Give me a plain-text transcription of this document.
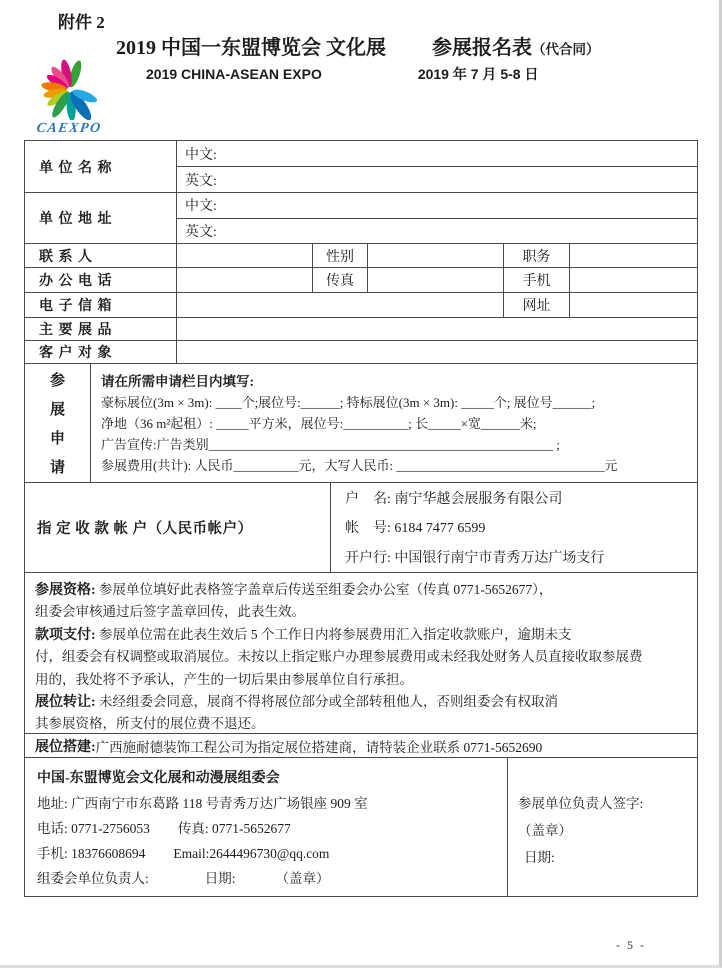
附件 2
CAEXPO
2019 中国一东盟博览会 文化展 参展报名表（代合同）
2019 CHINA-ASEAN EXPO	2019 年 7 月 5-8 日
单 位 名 称
中文:
英文:
单 位 地 址
中文:
英文:
联 系 人	性别	职务
办 公 电 话	传真	手机
电 子 信 箱	网址
主 要 展 品
客 户 对 象
参
展
申
请
请在所需申请栏目内填写:
豪标展位(3m × 3m): ____个;展位号:______; 特标展位(3m × 3m): _____个; 展位号______;
净地（36 m²起租）: _____平方米，展位号:__________; 长_____×宽______米;
广告宣传:广告类别_____________________________________________________ ;
参展费用(共计): 人民币__________元，大写人民币: ________________________________元
指 定 收 款 帐 户（人民币帐户）
户　名: 南宁华越会展服务有限公司
帐　号: 6184 7477 6599
开户行: 中国银行南宁市青秀万达广场支行
参展资格: 参展单位填好此表格签字盖章后传送至组委会办公室（传真 0771-5652677），
组委会审核通过后签字盖章回传，此表生效。
款项支付: 参展单位需在此表生效后 5 个工作日内将参展费用汇入指定收款账户，逾期未支
付，组委会有权调整或取消展位。未按以上指定账户办理参展费用或未经我处财务人员直接收取参展费
用的，我处将不予承认，产生的一切后果由参展单位自行承担。
展位转让: 未经组委会同意，展商不得将展位部分或全部转租他人，否则组委会有权取消
其参展资格，所支付的展位费不退还。
展位搭建: 广西施耐德装饰工程公司为指定展位搭建商，请特装企业联系 0771-5652690
中国-东盟博览会文化展和动漫展组委会
地址: 广西南宁市东葛路 118 号青秀万达广场银座 909 室
电话: 0771-2756053 传真: 0771-5652677
手机: 18376608694 Email:2644496730@qq.com
组委会单位负责人:	日期:	（盖章）
参展单位负责人签字:
（盖章）
日期:
- 5 -
